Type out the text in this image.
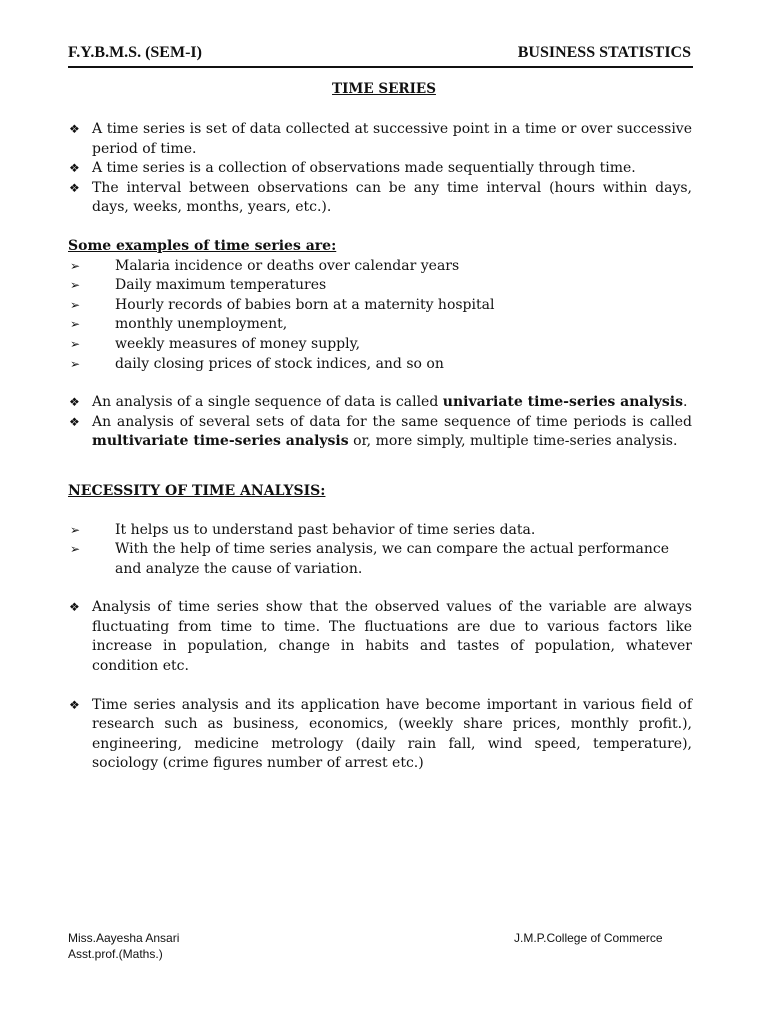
F.Y.B.M.S. (SEM-I)	BUSINESS STATISTICS
TIME SERIES
❖ A time series is set of data collected at successive point in a time or over successive period of time.
❖ A time series is a collection of observations made sequentially through time.
❖ The interval between observations can be any time interval (hours within days, days, weeks, months, years, etc.).
Some examples of time series are:
➢ Malaria incidence or deaths over calendar years
➢ Daily maximum temperatures
➢ Hourly records of babies born at a maternity hospital
➢ monthly unemployment,
➢ weekly measures of money supply,
➢ daily closing prices of stock indices, and so on
❖ An analysis of a single sequence of data is called univariate time-series analysis.
❖ An analysis of several sets of data for the same sequence of time periods is called multivariate time-series analysis or, more simply, multiple time-series analysis.
NECESSITY OF TIME ANALYSIS:
➢ It helps us to understand past behavior of time series data.
➢ With the help of time series analysis, we can compare the actual performance and analyze the cause of variation.
❖ Analysis of time series show that the observed values of the variable are always fluctuating from time to time. The fluctuations are due to various factors like increase in population, change in habits and tastes of population, whatever condition etc.
❖ Time series analysis and its application have become important in various field of research such as business, economics, (weekly share prices, monthly profit.), engineering, medicine metrology (daily rain fall, wind speed, temperature), sociology (crime figures number of arrest etc.)
Miss.Aayesha Ansari
Asst.prof.(Maths.)
J.M.P.College of Commerce
